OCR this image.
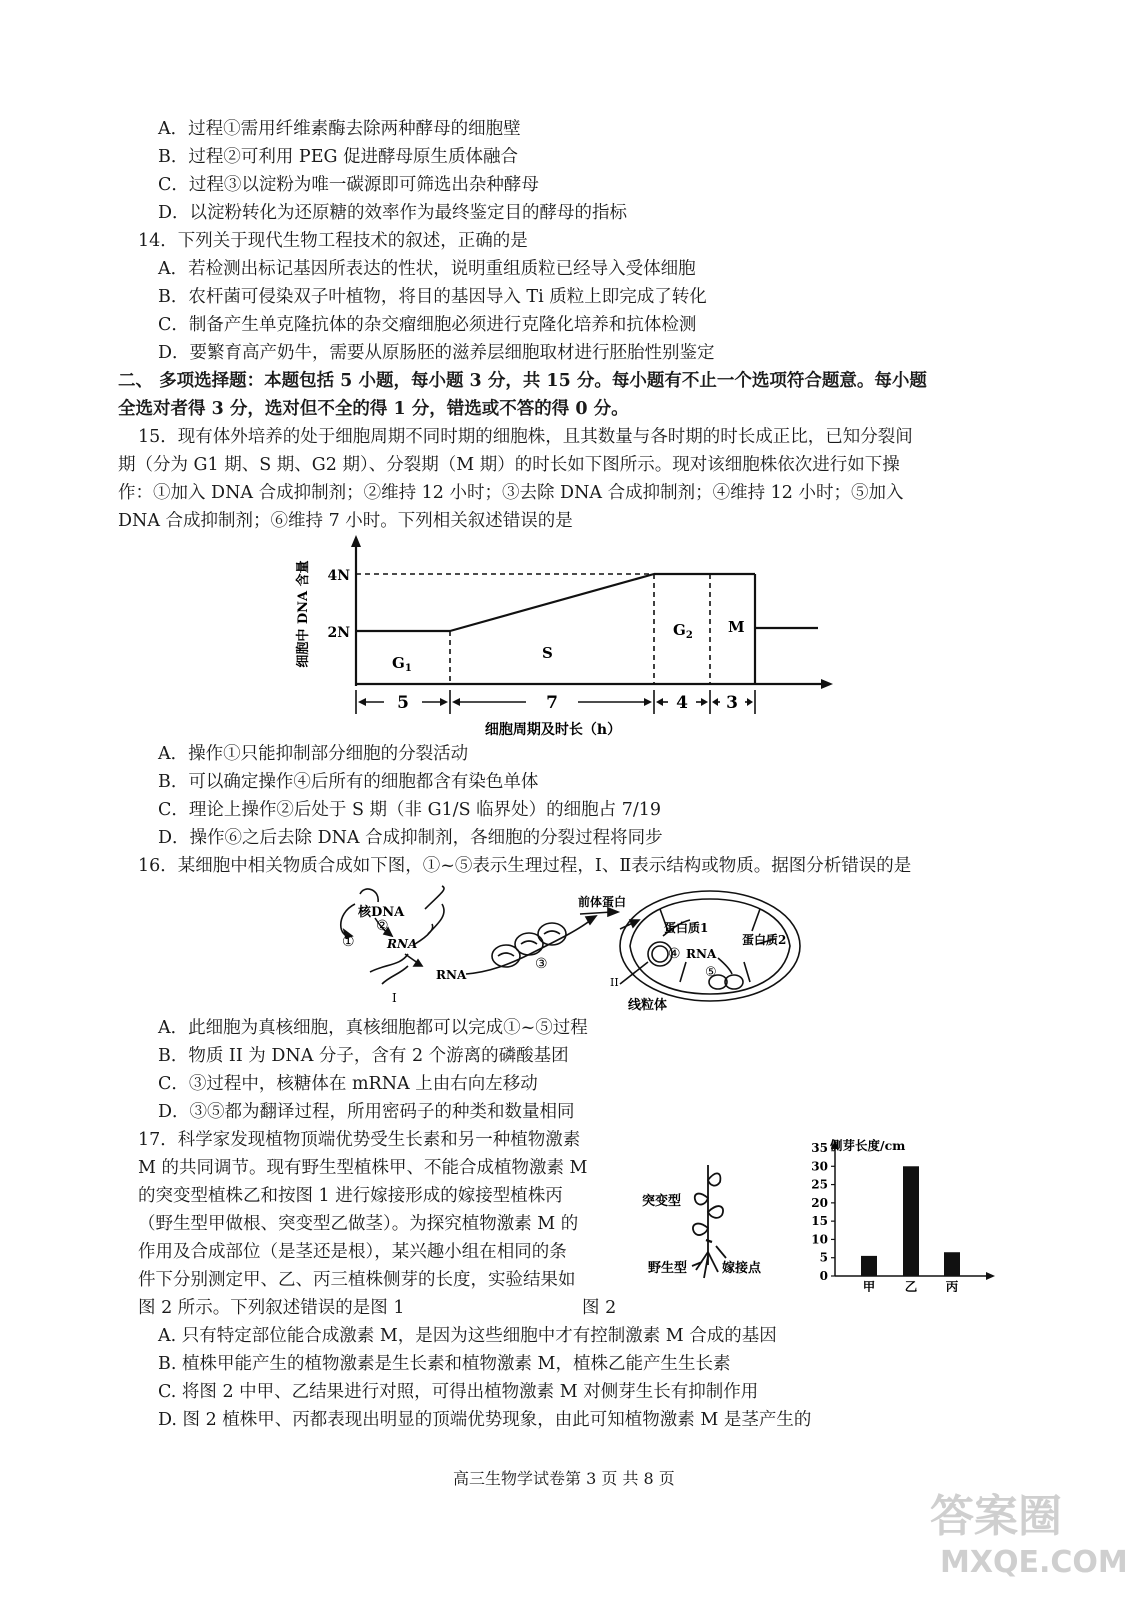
A．过程①需用纤维素酶去除两种酵母的细胞壁
B．过程②可利用 PEG 促进酵母原生质体融合
C．过程③以淀粉为唯一碳源即可筛选出杂种酵母
D．以淀粉转化为还原糖的效率作为最终鉴定目的酵母的指标
14．下列关于现代生物工程技术的叙述，正确的是
A．若检测出标记基因所表达的性状，说明重组质粒已经导入受体细胞
B．农杆菌可侵染双子叶植物，将目的基因导入 Ti 质粒上即完成了转化
C．制备产生单克隆抗体的杂交瘤细胞必须进行克隆化培养和抗体检测
D．要繁育高产奶牛，需要从原肠胚的滋养层细胞取材进行胚胎性别鉴定
二、 多项选择题：本题包括 5 小题，每小题 3 分，共 15 分。每小题有不止一个选项符合题意。每小题
全选对者得 3 分，选对但不全的得 1 分，错选或不答的得 0 分。
15．现有体外培养的处于细胞周期不同时期的细胞株，且其数量与各时期的时长成正比，已知分裂间
期（分为 G1 期、S 期、G2 期）、分裂期（M 期）的时长如下图所示。现对该细胞株依次进行如下操
作：①加入 DNA 合成抑制剂；②维持 12 小时；③去除 DNA 合成抑制剂；④维持 12 小时；⑤加入
DNA 合成抑制剂；⑥维持 7 小时。下列相关叙述错误的是
4N
2N
细胞中 DNA 含量	$G_1$
S
$G_2$ M
5	7	4 3
细胞周期及时长（h）
A．操作①只能抑制部分细胞的分裂活动
B．可以确定操作④后所有的细胞都含有染色单体
C．理论上操作②后处于 S 期（非 G1/S 临界处）的细胞占 7/19
D．操作⑥之后去除 DNA 合成抑制剂，各细胞的分裂过程将同步
16．某细胞中相关物质合成如下图，①~⑤表示生理过程，Ⅰ、Ⅱ表示结构或物质。据图分析错误的是
核DNA
①
②
RNA
RNA
③
前体蛋白
蛋白质1
蛋白质2
④ RNA
⑤
I
II
线粒体
A．此细胞为真核细胞，真核细胞都可以完成①~⑤过程
B．物质 II 为 DNA 分子，含有 2 个游离的磷酸基团
C．③过程中，核糖体在 mRNA 上由右向左移动
D．③⑤都为翻译过程，所用密码子的种类和数量相同
17．科学家发现植物顶端优势受生长素和另一种植物激素
M 的共同调节。现有野生型植株甲、不能合成植物激素 M
的突变型植株乙和按图 1 进行嫁接形成的嫁接型植株丙
（野生型甲做根、突变型乙做茎）。为探究植物激素 M 的
作用及合成部位（是茎还是根），某兴趣小组在相同的条
件下分别测定甲、乙、丙三植株侧芽的长度，实验结果如
图 2 所示。下列叙述错误的是图 1	图 2
突变型
野生型	嫁接点
侧芽长度/cm
0
5
10
15
20
25
30
35
甲 乙 丙
A. 只有特定部位能合成激素 M，是因为这些细胞中才有控制激素 M 合成的基因
B. 植株甲能产生的植物激素是生长素和植物激素 M，植株乙能产生生长素
C. 将图 2 中甲、乙结果进行对照，可得出植物激素 M 对侧芽生长有抑制作用
D. 图 2 植株甲、丙都表现出明显的顶端优势现象，由此可知植物激素 M 是茎产生的
高三生物学试卷第 3 页 共 8 页
答案圈
MXQE.COM
